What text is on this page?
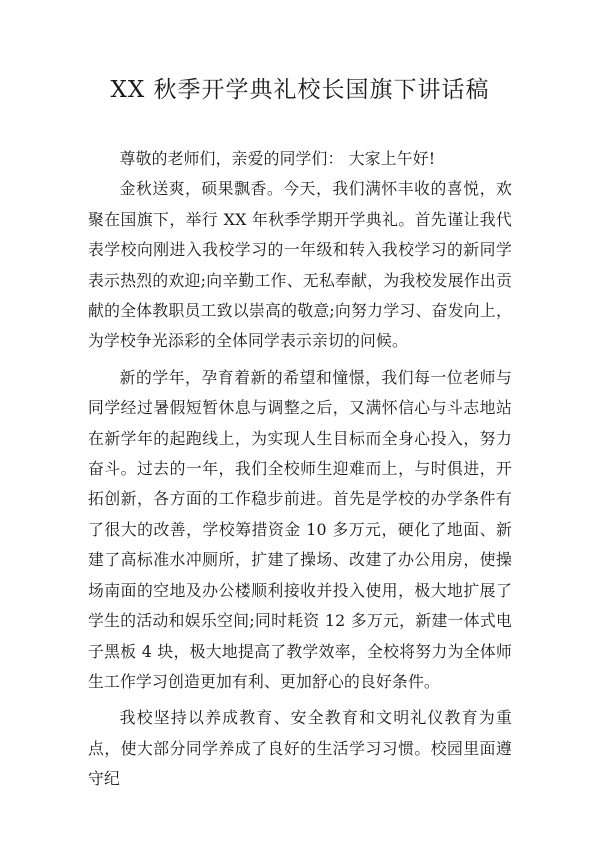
XX 秋季开学典礼校长国旗下讲话稿

尊敬的老师们，亲爱的同学们： 大家上午好!

金秋送爽，硕果飘香。今天，我们满怀丰收的喜悦，欢聚在国旗下，举行 XX 年秋季学期开学典礼。首先谨让我代表学校向刚进入我校学习的一年级和转入我校学习的新同学表示热烈的欢迎;向辛勤工作、无私奉献，为我校发展作出贡献的全体教职员工致以崇高的敬意;向努力学习、奋发向上，为学校争光添彩的全体同学表示亲切的问候。

新的学年，孕育着新的希望和憧憬，我们每一位老师与同学经过暑假短暂休息与调整之后，又满怀信心与斗志地站在新学年的起跑线上，为实现人生目标而全身心投入，努力奋斗。过去的一年，我们全校师生迎难而上，与时俱进，开拓创新，各方面的工作稳步前进。首先是学校的办学条件有了很大的改善，学校筹措资金 10 多万元，硬化了地面、新建了高标准水冲厕所，扩建了操场、改建了办公用房，使操场南面的空地及办公楼顺利接收并投入使用，极大地扩展了学生的活动和娱乐空间;同时耗资 12 多万元，新建一体式电子黑板 4 块，极大地提高了教学效率，全校将努力为全体师生工作学习创造更加有利、更加舒心的良好条件。

我校坚持以养成教育、安全教育和文明礼仪教育为重点，使大部分同学养成了良好的生活学习习惯。校园里面遵守纪
